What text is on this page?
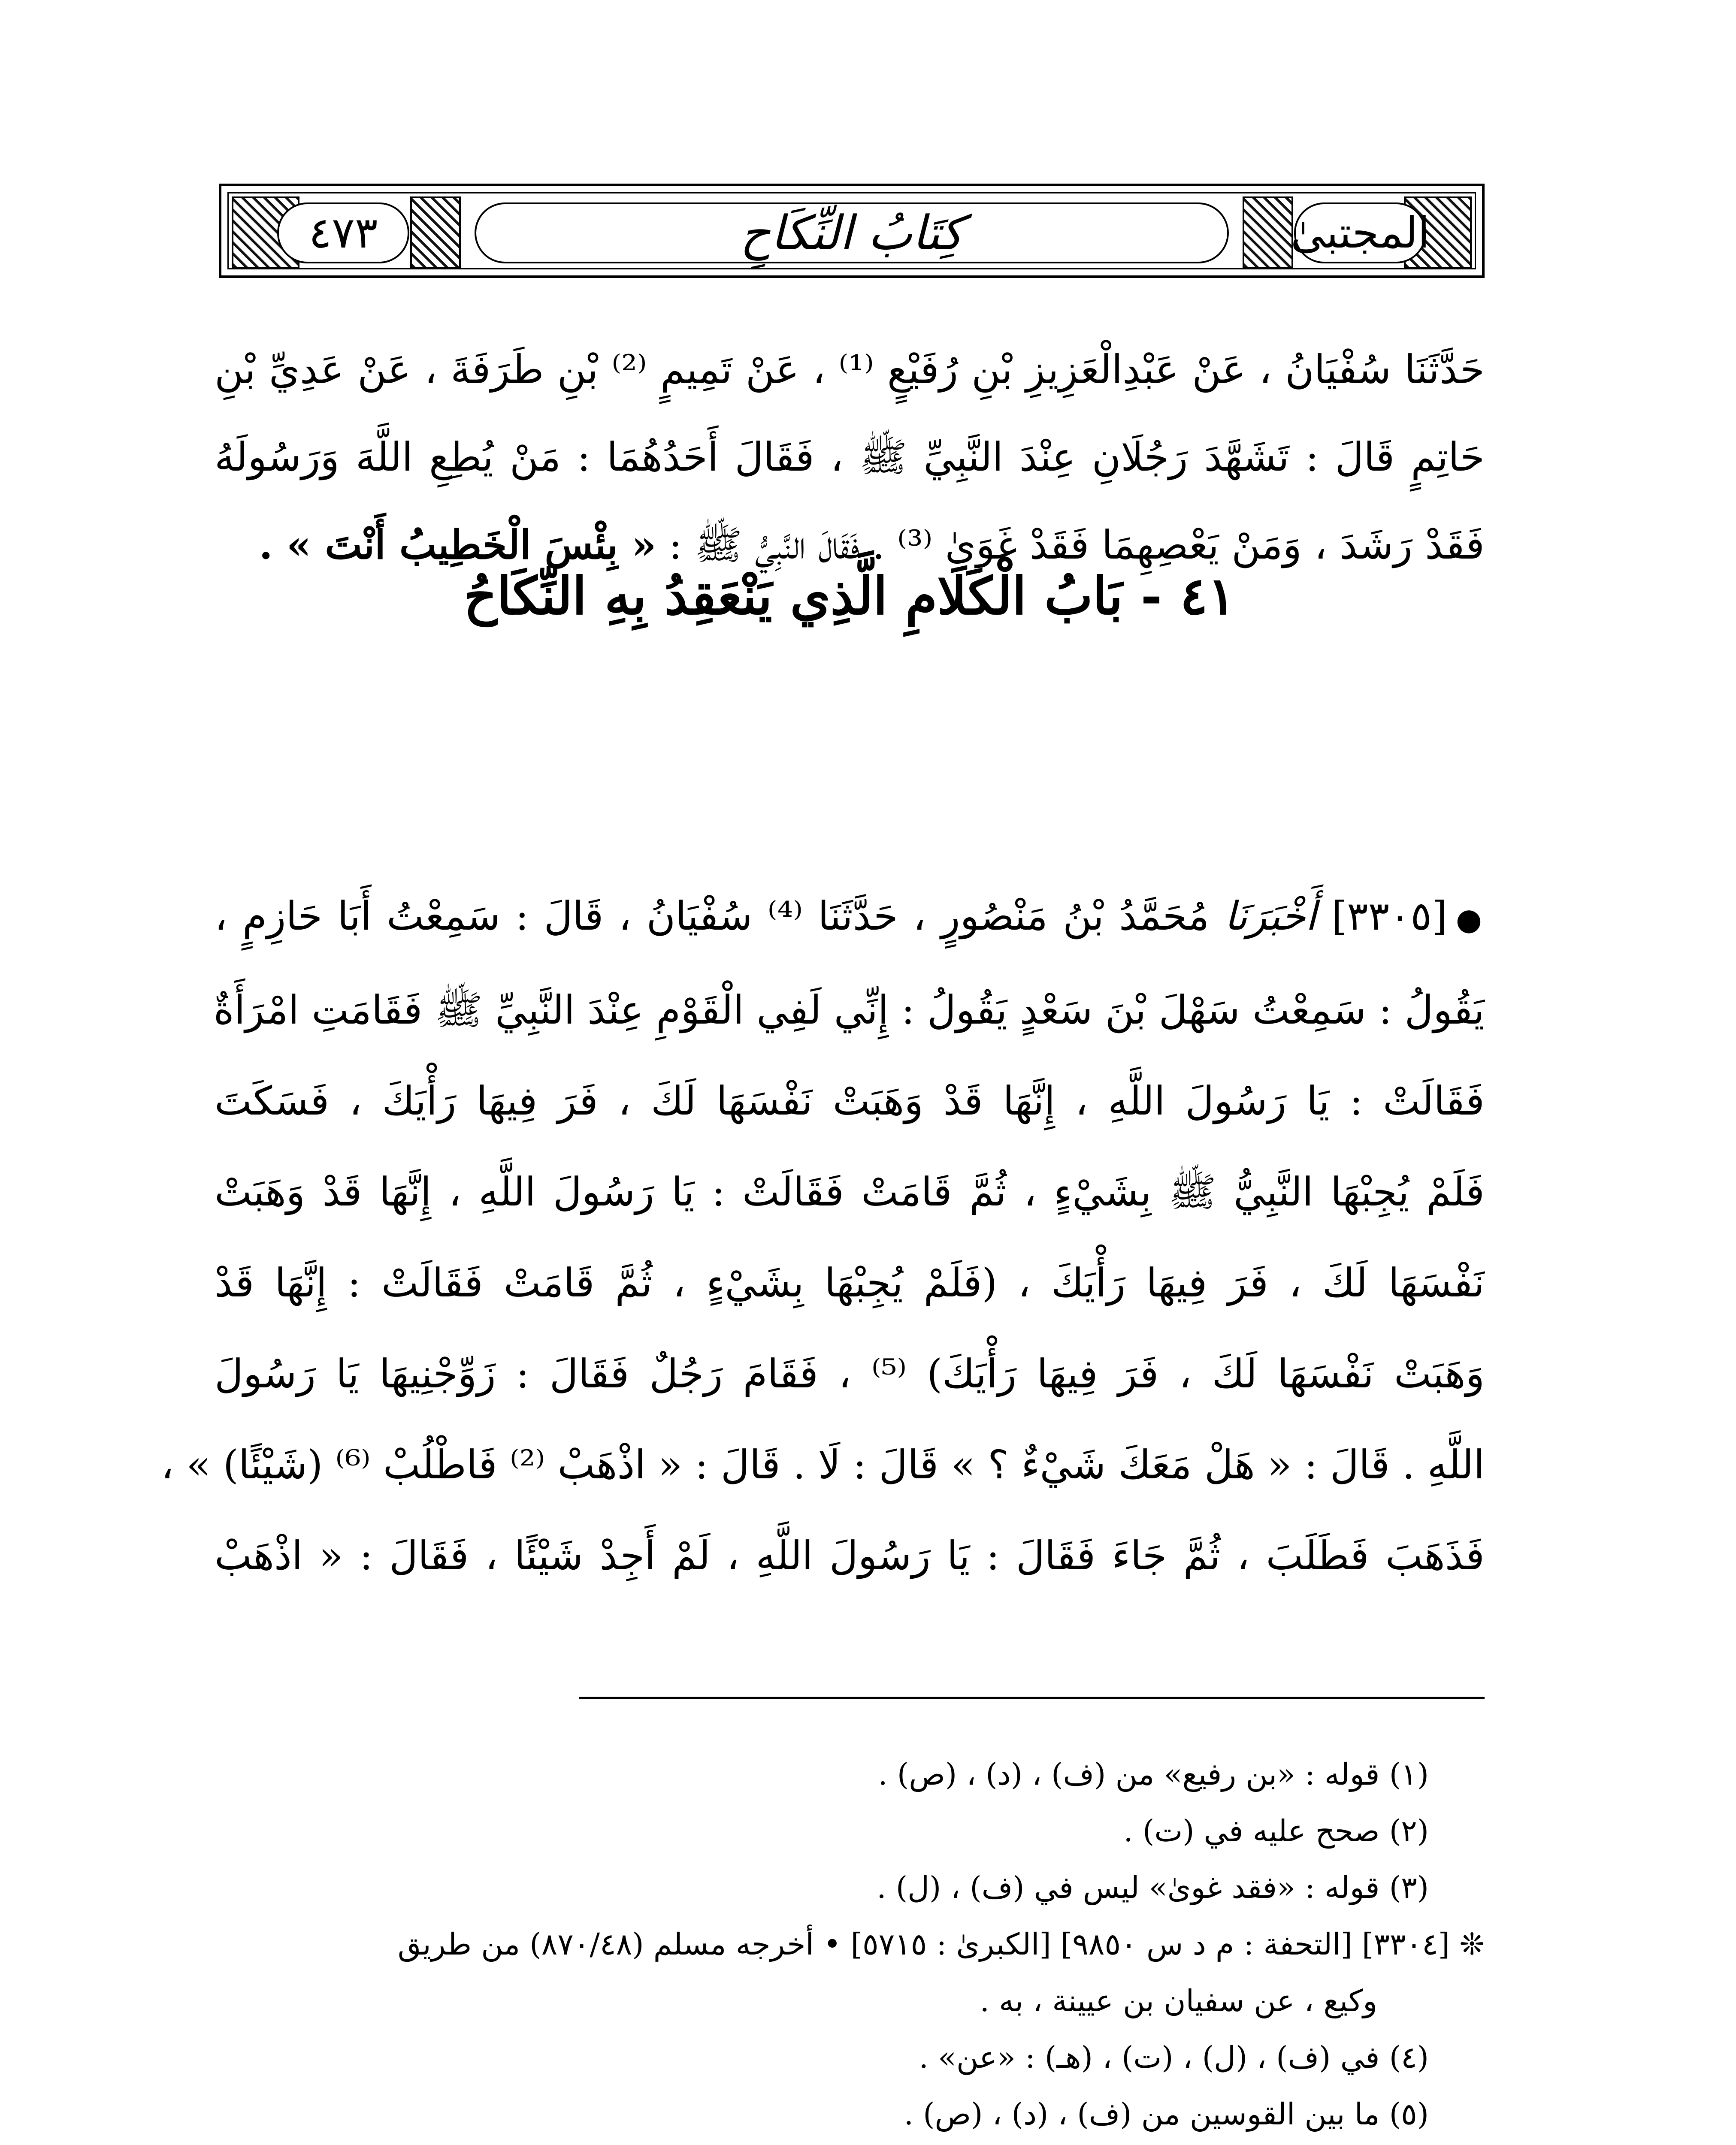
٤٧٣	كِتَابُ النِّكَاحِ	المجتبىٰ
حَدَّثَنَا سُفْيَانُ ، عَنْ عَبْدِالْعَزِيزِ بْنِ رُفَيْعٍ ⁽¹⁾ ، عَنْ تَمِيمٍ ⁽²⁾ بْنِ طَرَفَةَ ، عَنْ عَدِيِّ بْنِ
حَاتِمٍ قَالَ : تَشَهَّدَ رَجُلَانِ عِنْدَ النَّبِيِّ ﷺ ، فَقَالَ أَحَدُهُمَا : مَنْ يُطِعِ اللَّهَ وَرَسُولَهُ
فَقَدْ رَشَدَ ، وَمَنْ يَعْصِهِمَا فَقَدْ غَوَىٰ ⁽³⁾ . فَقَالَ النَّبِيُّ ﷺ : « بِئْسَ الْخَطِيبُ أَنْتَ » .
٤١ - بَابُ الْكَلَامِ الَّذِي يَنْعَقِدُ بِهِ النِّكَاحُ
●[٣٣٠٥] أَخْبَرَنَا مُحَمَّدُ بْنُ مَنْصُورٍ ، حَدَّثَنَا ⁽⁴⁾ سُفْيَانُ ، قَالَ : سَمِعْتُ أَبَا حَازِمٍ ،
يَقُولُ : سَمِعْتُ سَهْلَ بْنَ سَعْدٍ يَقُولُ : إِنِّي لَفِي الْقَوْمِ عِنْدَ النَّبِيِّ ﷺ فَقَامَتِ امْرَأَةٌ
فَقَالَتْ : يَا رَسُولَ اللَّهِ ، إِنَّهَا قَدْ وَهَبَتْ نَفْسَهَا لَكَ ، فَرَ فِيهَا رَأْيَكَ ، فَسَكَتَ
فَلَمْ يُجِبْهَا النَّبِيُّ ﷺ بِشَيْءٍ ، ثُمَّ قَامَتْ فَقَالَتْ : يَا رَسُولَ اللَّهِ ، إِنَّهَا قَدْ وَهَبَتْ
نَفْسَهَا لَكَ ، فَرَ فِيهَا رَأْيَكَ ، (فَلَمْ يُجِبْهَا بِشَيْءٍ ، ثُمَّ قَامَتْ فَقَالَتْ : إِنَّهَا قَدْ
وَهَبَتْ نَفْسَهَا لَكَ ، فَرَ فِيهَا رَأْيَكَ) ⁽⁵⁾ ، فَقَامَ رَجُلٌ فَقَالَ : زَوِّجْنِيهَا يَا رَسُولَ
اللَّهِ . قَالَ : « هَلْ مَعَكَ شَيْءٌ ؟ » قَالَ : لَا . قَالَ : « اذْهَبْ ⁽²⁾ فَاطْلُبْ ⁽⁶⁾ (شَيْئًا) » ،
فَذَهَبَ فَطَلَبَ ، ثُمَّ جَاءَ فَقَالَ : يَا رَسُولَ اللَّهِ ، لَمْ أَجِدْ شَيْئًا ، فَقَالَ : « اذْهَبْ
(١) قوله : «بن رفيع» من (ف) ، (د) ، (ص) .
(٢) صحح عليه في (ت) .
(٣) قوله : «فقد غوىٰ» ليس في (ف) ، (ل) .
❊ [٣٣٠٤] [التحفة : م د س ٩٨٥٠] [الكبرىٰ : ٥٧١٥] • أخرجه مسلم (٨٧٠/٤٨) من طريق
وكيع ، عن سفيان بن عيينة ، به .
(٤) في (ف) ، (ل) ، (ت) ، (هـ) : «عن» .
(٥) ما بين القوسين من (ف) ، (د) ، (ص) .
